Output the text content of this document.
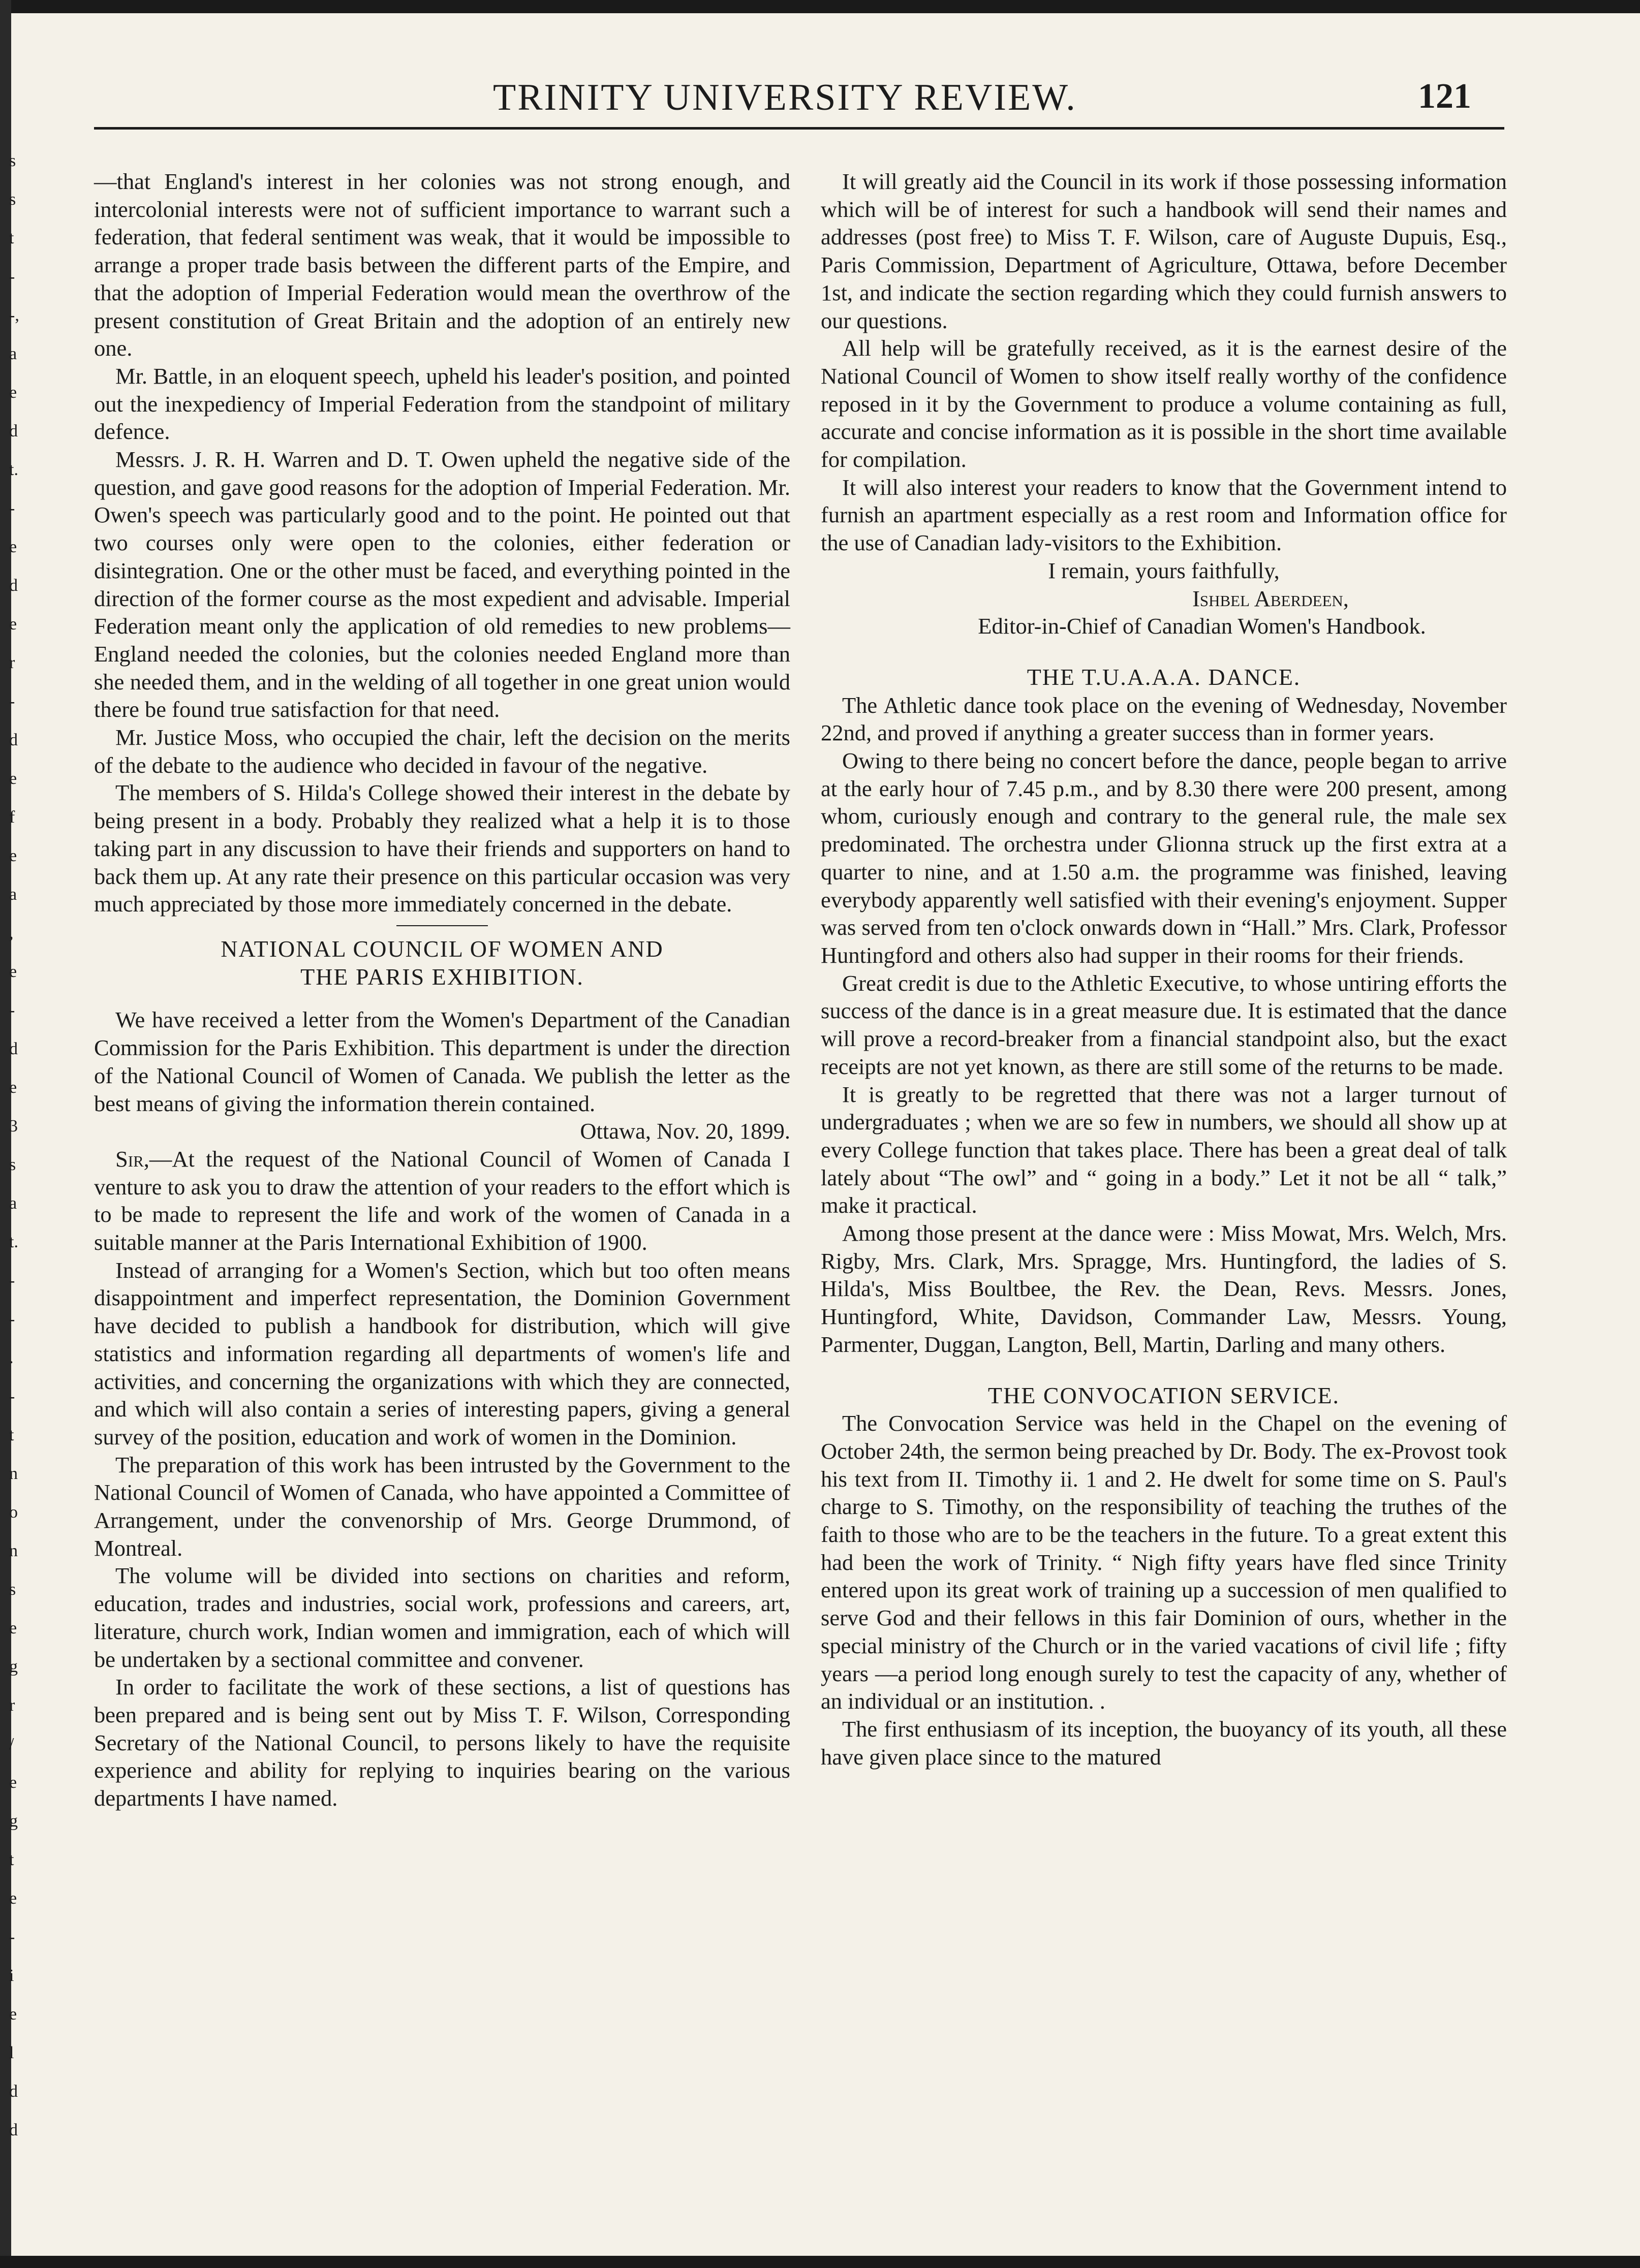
s
s
t
-
-,
a
e
d
t.
-
e
d
e
r
-
d
e
f
e
a
,
e
-
d
e
3
s
a
t.
-
-
.
-
t
n
o
n
s
e
g
r
/
e
g
t
e
-
i
e
l
d
d
TRINITY UNIVERSITY REVIEW.	121

—that England's interest in her colonies was not strong enough, and intercolonial interests were not of sufficient importance to warrant such a federation, that federal sentiment was weak, that it would be impossible to arrange a proper trade basis between the different parts of the Empire, and that the adoption of Imperial Federation would mean the overthrow of the present constitution of Great Britain and the adoption of an entirely new one.

Mr. Battle, in an eloquent speech, upheld his leader's position, and pointed out the inexpediency of Imperial Federation from the standpoint of military defence.

Messrs. J. R. H. Warren and D. T. Owen upheld the negative side of the question, and gave good reasons for the adoption of Imperial Federation. Mr. Owen's speech was particularly good and to the point. He pointed out that two courses only were open to the colonies, either federation or disintegration. One or the other must be faced, and everything pointed in the direction of the former course as the most expedient and advisable. Imperial Federation meant only the application of old remedies to new problems—England needed the colonies, but the colonies needed England more than she needed them, and in the welding of all together in one great union would there be found true satisfaction for that need.

Mr. Justice Moss, who occupied the chair, left the decision on the merits of the debate to the audience who decided in favour of the negative.

The members of S. Hilda's College showed their interest in the debate by being present in a body. Probably they realized what a help it is to those taking part in any discussion to have their friends and supporters on hand to back them up. At any rate their presence on this particular occasion was very much appreciated by those more immediately concerned in the debate.

NATIONAL COUNCIL OF WOMEN AND
THE PARIS EXHIBITION.

We have received a letter from the Women's Department of the Canadian Commission for the Paris Exhibition. This department is under the direction of the National Council of Women of Canada. We publish the letter as the best means of giving the information therein contained.

Ottawa, Nov. 20, 1899.

Sir,—At the request of the National Council of Women of Canada I venture to ask you to draw the attention of your readers to the effort which is to be made to represent the life and work of the women of Canada in a suitable manner at the Paris International Exhibition of 1900.

Instead of arranging for a Women's Section, which but too often means disappointment and imperfect representation, the Dominion Government have decided to publish a handbook for distribution, which will give statistics and information regarding all departments of women's life and activities, and concerning the organizations with which they are connected, and which will also contain a series of interesting papers, giving a general survey of the position, education and work of women in the Dominion.

The preparation of this work has been intrusted by the Government to the National Council of Women of Canada, who have appointed a Committee of Arrangement, under the convenorship of Mrs. George Drummond, of Montreal.

The volume will be divided into sections on charities and reform, education, trades and industries, social work, professions and careers, art, literature, church work, Indian women and immigration, each of which will be undertaken by a sectional committee and convener.

In order to facilitate the work of these sections, a list of questions has been prepared and is being sent out by Miss T. F. Wilson, Corresponding Secretary of the National Council, to persons likely to have the requisite experience and ability for replying to inquiries bearing on the various departments I have named.

It will greatly aid the Council in its work if those possessing information which will be of interest for such a handbook will send their names and addresses (post free) to Miss T. F. Wilson, care of Auguste Dupuis, Esq., Paris Commission, Department of Agriculture, Ottawa, before December 1st, and indicate the section regarding which they could furnish answers to our questions.

All help will be gratefully received, as it is the earnest desire of the National Council of Women to show itself really worthy of the confidence reposed in it by the Government to produce a volume containing as full, accurate and concise information as it is possible in the short time available for compilation.

It will also interest your readers to know that the Government intend to furnish an apartment especially as a rest room and Information office for the use of Canadian lady-visitors to the Exhibition.

I remain, yours faithfully,

Ishbel Aberdeen,

Editor-in-Chief of Canadian Women's Handbook.

THE T.U.A.A.A. DANCE.

The Athletic dance took place on the evening of Wednesday, November 22nd, and proved if anything a greater success than in former years.

Owing to there being no concert before the dance, people began to arrive at the early hour of 7.45 p.m., and by 8.30 there were 200 present, among whom, curiously enough and contrary to the general rule, the male sex predominated. The orchestra under Glionna struck up the first extra at a quarter to nine, and at 1.50 a.m. the programme was finished, leaving everybody apparently well satisfied with their evening's enjoyment. Supper was served from ten o'clock onwards down in “Hall.” Mrs. Clark, Professor Huntingford and others also had supper in their rooms for their friends.

Great credit is due to the Athletic Executive, to whose untiring efforts the success of the dance is in a great measure due. It is estimated that the dance will prove a record-breaker from a financial standpoint also, but the exact receipts are not yet known, as there are still some of the returns to be made.

It is greatly to be regretted that there was not a larger turnout of undergraduates ; when we are so few in numbers, we should all show up at every College function that takes place. There has been a great deal of talk lately about “The owl” and “ going in a body.” Let it not be all “ talk,” make it practical.

Among those present at the dance were : Miss Mowat, Mrs. Welch, Mrs. Rigby, Mrs. Clark, Mrs. Spragge, Mrs. Huntingford, the ladies of S. Hilda's, Miss Boultbee, the Rev. the Dean, Revs. Messrs. Jones, Huntingford, White, Davidson, Commander Law, Messrs. Young, Parmenter, Duggan, Langton, Bell, Martin, Darling and many others.

THE CONVOCATION SERVICE.

The Convocation Service was held in the Chapel on the evening of October 24th, the sermon being preached by Dr. Body. The ex-Provost took his text from II. Timothy ii. 1 and 2. He dwelt for some time on S. Paul's charge to S. Timothy, on the responsibility of teaching the truthes of the faith to those who are to be the teachers in the future. To a great extent this had been the work of Trinity. “ Nigh fifty years have fled since Trinity entered upon its great work of training up a succession of men qualified to serve God and their fellows in this fair Dominion of ours, whether in the special ministry of the Church or in the varied vacations of civil life ; fifty years —a period long enough surely to test the capacity of any, whether of an individual or an institution. .

The first enthusiasm of its inception, the buoyancy of its youth, all these have given place since to the matured
